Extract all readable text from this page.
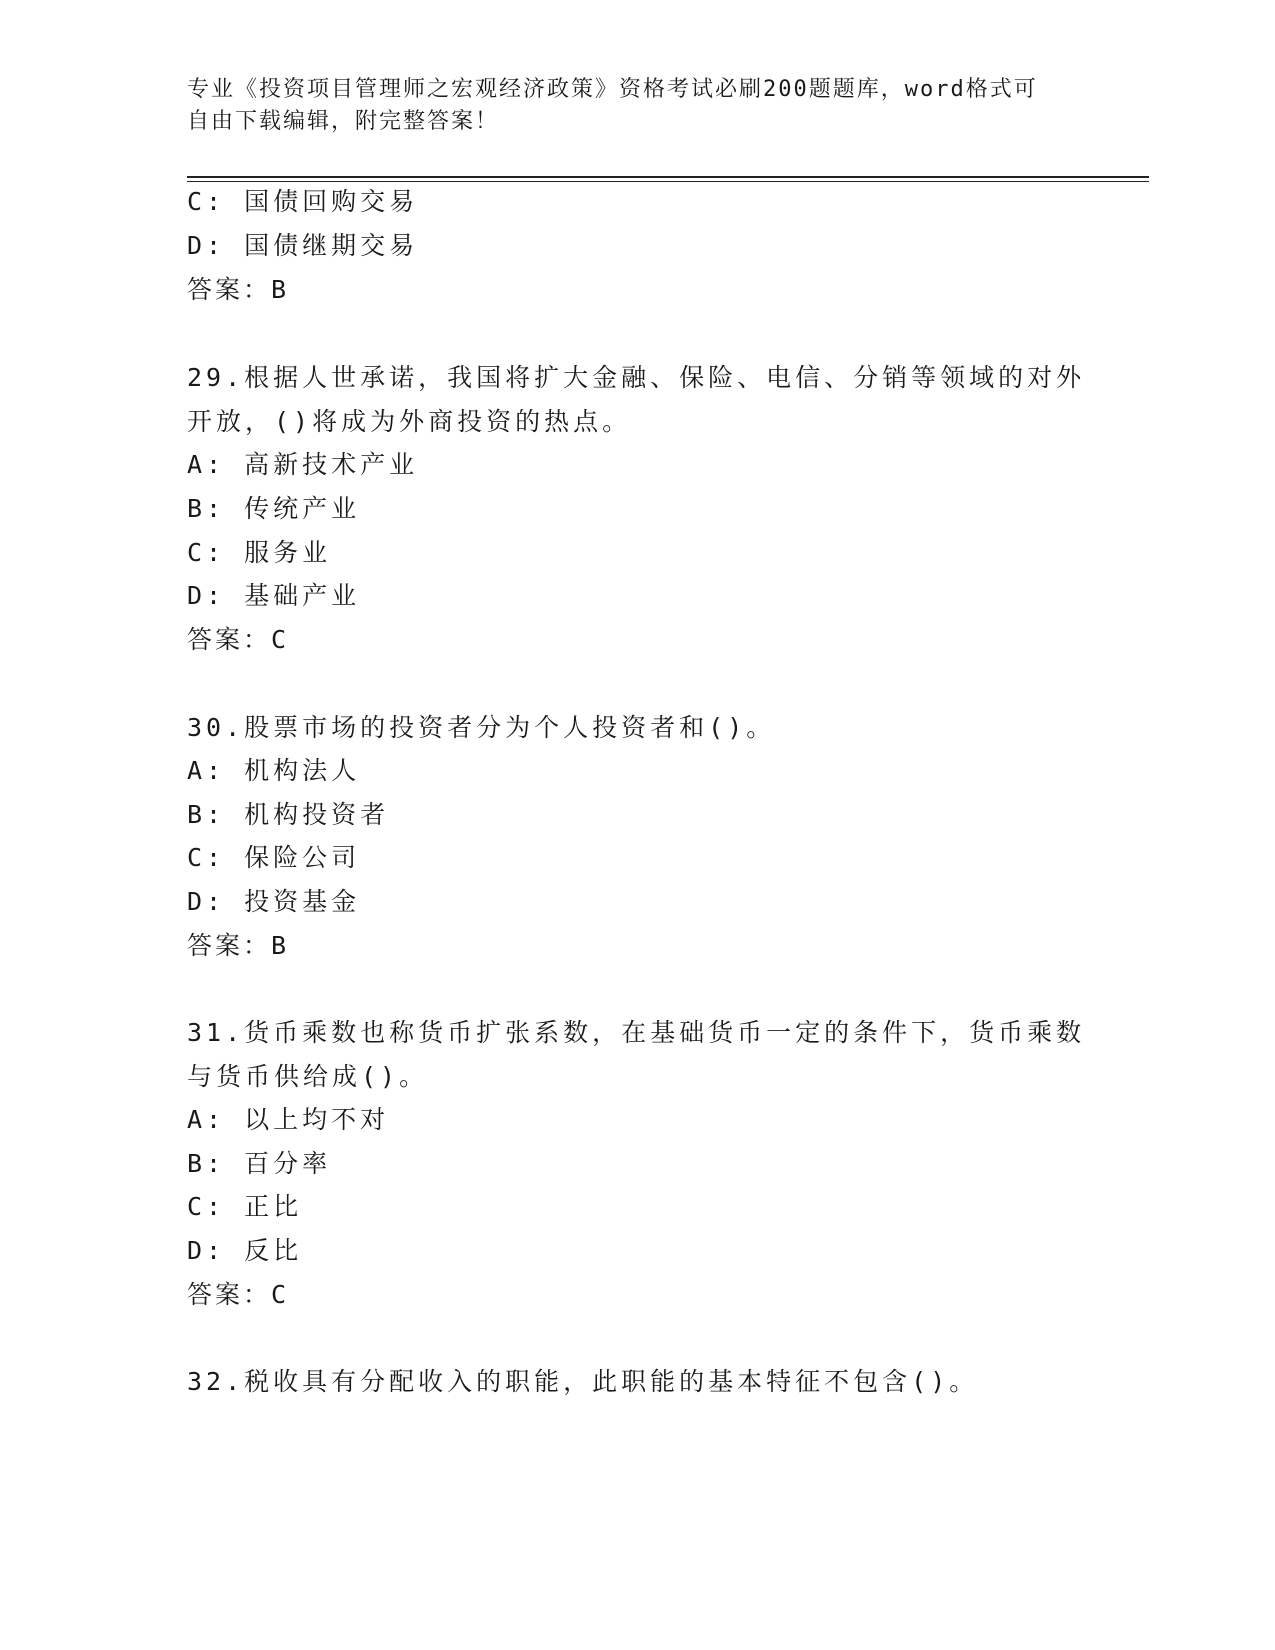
专业《投资项目管理师之宏观经济政策》资格考试必刷200题题库，word格式可
自由下载编辑，附完整答案！
C: 国债回购交易
D: 国债继期交易
答案：B
29.根据人世承诺，我国将扩大金融、保险、电信、分销等领域的对外
开放，()将成为外商投资的热点。
A: 高新技术产业
B: 传统产业
C: 服务业
D: 基础产业
答案：C
30.股票市场的投资者分为个人投资者和()。
A: 机构法人
B: 机构投资者
C: 保险公司
D: 投资基金
答案：B
31.货币乘数也称货币扩张系数，在基础货币一定的条件下，货币乘数
与货币供给成()。
A: 以上均不对
B: 百分率
C: 正比
D: 反比
答案：C
32.税收具有分配收入的职能，此职能的基本特征不包含()。
